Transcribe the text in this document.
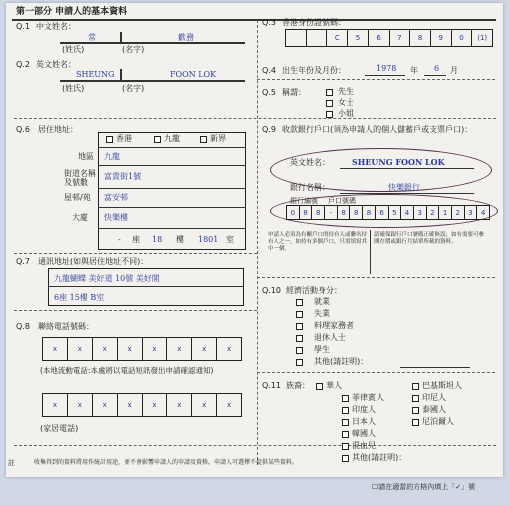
第一部分 申請人的基本資料
Q.1 中文姓名：
常	歡務
(姓氏)	(名字)
Q.2 英文姓名：
SHEUNG	FOON LOK
(姓氏)	(名字)
Q.3 香港身份證號碼：
C	5	6	7	8	9	0	(1)
Q.4 出生年份及月份：	1978 年 6 月
Q.5 稱謂：	先生
女士
小姐
Q.6 居住地址：
香港	九龍	新界
地區 九龍
街道名稱
及號數
富貴街1號
屋邨/苑 富安邨
大廈 快樂樓
- 座 18 樓 1801 室
Q.7 通訊地址(如與居住地址不同)：
九龍蝴蝶 美好道 10號 美好閣
6座 15樓 B室
Q.8 聯絡電話號碼：
x	x	x	x	x	x	x	x
(本地流動電話:本處將以電話短訊發出申請確認通知)
x	x	x	x	x	x	x	x
(家居電話)
Q.9 收款銀行戶口(須為申請人的個人儲蓄戶或支票戶口)：
英文姓名：	SHEUNG FOON LOK
銀行名稱：	快樂銀行
銀行編號 戶口號碼
0	8	8	-	8	8	8	6	5	4	3	2	1	2	3	4
申請人必須為有關戶口的持有人或聯名持有人之一，如持有多個戶口，只需填寫其中一個。
請確保銀行戶口號碼正確無誤；如有需要可參閱存摺或銀行月結單所載的資料。
Q.10 經濟活動身分：
就業
失業
料理家務者
退休人士
學生
其他(請註明)：
Q.11 族裔： 華人
菲律賓人
印度人
日本人
韓國人
巴基斯坦人
印尼人
泰國人
尼泊爾人
混血兒
其他(請註明)：
註	收集得到的資料將用作統計用途，並不會影響申請人的申請及資格。申請人可選擇不提供某些資料。
☐請在適當的方格內填上「✓」號
